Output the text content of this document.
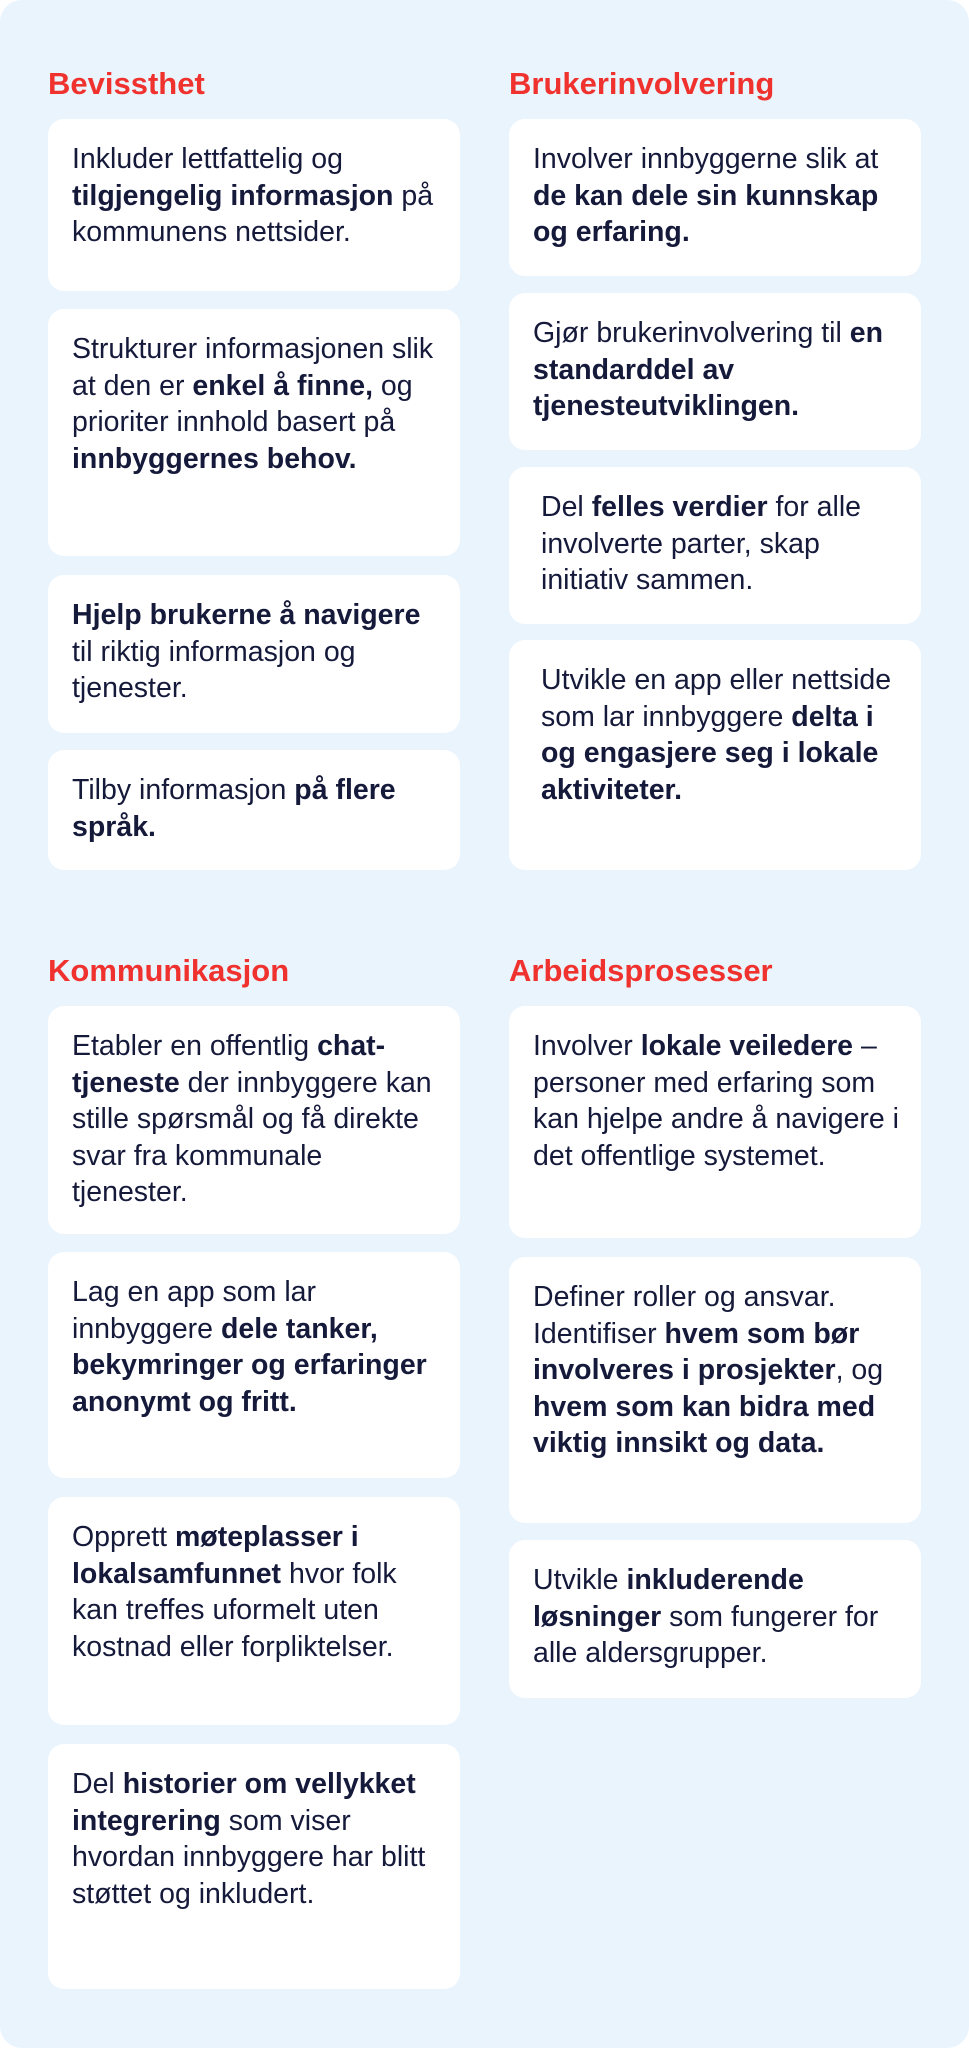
Bevissthet
Inkluder lettfattelig og tilgjengelig informasjon på kommunens nettsider.
Strukturer informasjonen slik at den er enkel å finne, og prioriter innhold basert på innbyggernes behov.
Hjelp brukerne å navigere til riktig informasjon og tjenester.
Tilby informasjon på flere språk.
Brukerinvolvering
Involver innbyggerne slik at de kan dele sin kunnskap og erfaring.
Gjør brukerinvolvering til en standarddel av tjenesteutviklingen.
Del felles verdier for alle involverte parter, skap initiativ sammen.
Utvikle en app eller nettside som lar innbyggere delta i og engasjere seg i lokale aktiviteter.
Kommunikasjon
Etabler en offentlig chat-tjeneste der innbyggere kan stille spørsmål og få direkte svar fra kommunale tjenester.
Lag en app som lar innbyggere dele tanker, bekymringer og erfaringer anonymt og fritt.
Opprett møteplasser i lokalsamfunnet hvor folk kan treffes uformelt uten kostnad eller forpliktelser.
Del historier om vellykket integrering som viser hvordan innbyggere har blitt støttet og inkludert.
Arbeidsprosesser
Involver lokale veiledere – personer med erfaring som kan hjelpe andre å navigere i det offentlige systemet.
Definer roller og ansvar. Identifiser hvem som bør involveres i prosjekter, og hvem som kan bidra med viktig innsikt og data.
Utvikle inkluderende løsninger som fungerer for alle aldersgrupper.
